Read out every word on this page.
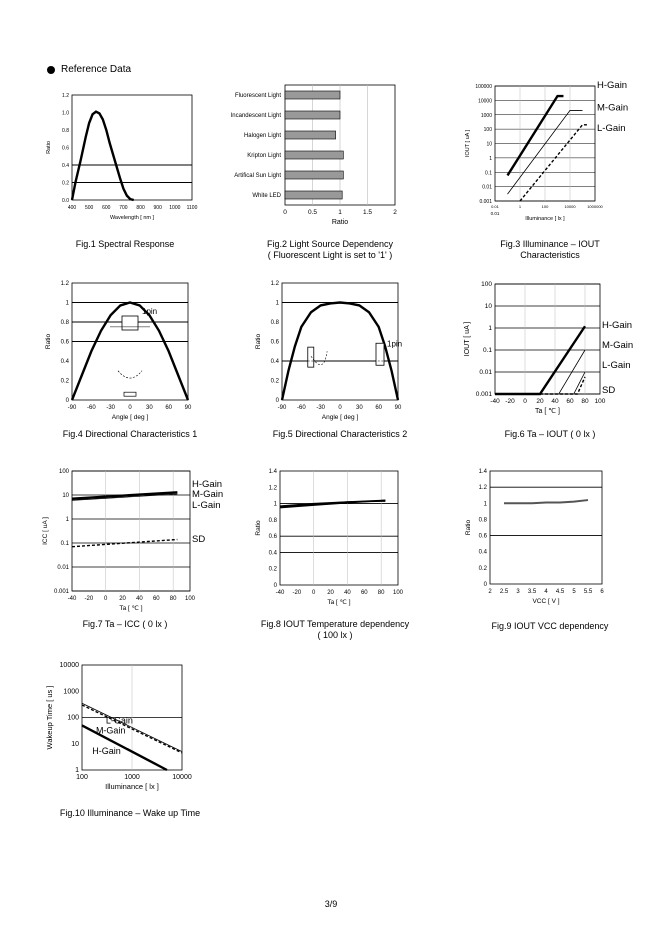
Reference Data
400 500 600 700 800 900 1000 1100
0.0
0.2
0.4
0.6
0.8
1.0
1.2
Wavelength [ nm ]
Ratio
Fluorescent Light
Incandescent Light
Halogen Light
Kripton Light
Artifical Sun Light
White LED
0	0.5	1	1.5	2
Ratio
0.001
0.01
0.1
1
10
100
1000
10000
100000
0.01	1	100	10000	1000000
0.01
Illuminance [ lx ]
IOUT [ uA ]
H-Gain
M-Gain
L-Gain
-90 -60 -30 0 30 60 90
0
0.2
0.4
0.6
0.8
1
1.2
Angle [ deg ]
Ratio
1pin
-90 -60 -30 0 30 60 90
0
0.2
0.4
0.6
0.8
1
1.2
Angle [ deg ]
Ratio	1pin
-40 -20 0 20 40 60 80 100
0.001
0.01
0.1
1
10
100
Ta [ ℃ ]
IOUT [ uA ]	H-Gain
M-Gain
L-Gain
SD
-40 -20 0 20 40 60 80 100
0.001
0.01
0.1
1
10
100
Ta [ ℃ ]
ICC [ uA ]
H-Gain
M-Gain
L-Gain
SD
-40 -20 0 20 40 60 80 100
0
0.2
0.4
0.6
0.8
1
1.2
1.4
Ta [ ℃ ]
Ratio
2 2.5 3 3.5 4 4.5 5 5.5 6
0
0.2
0.4
0.6
0.8
1
1.2
1.4
VCC [ V ]
Ratio
100	1000	10000
1
10
100
1000
10000
Illuminance [ lx ]
Wakeup Time [ us ]	L-Gain
M-Gain
H-Gain
Fig.1 Spectral Response	Fig.2 Light Source Dependency
( Fluorescent Light is set to '1' )
Fig.3 Illuminance – IOUT
Characteristics
Fig.4 Directional Characteristics 1	Fig.5 Directional Characteristics 2	Fig.6 Ta – IOUT ( 0 lx )
Fig.7 Ta – ICC ( 0 lx )	Fig.8 IOUT Temperature dependency
( 100 lx )
Fig.9 IOUT VCC dependency
Fig.10 Illuminance – Wake up Time
3/9
